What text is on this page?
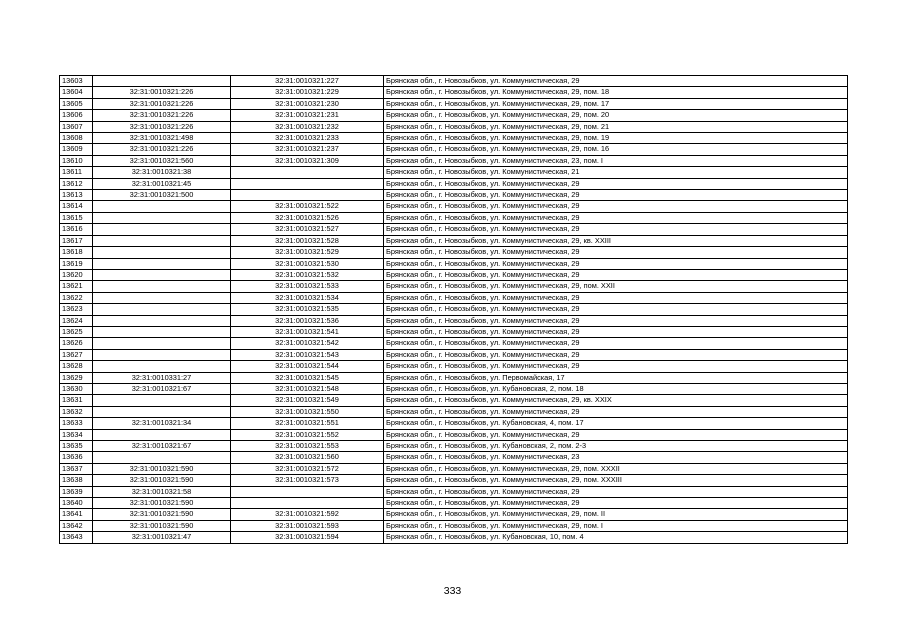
13603		32:31:0010321:227	Брянская обл., г. Новозыбков, ул. Коммунистическая, 29
13604	32:31:0010321:226	32:31:0010321:229	Брянская обл., г. Новозыбков, ул. Коммунистическая, 29, пом. 18
13605	32:31:0010321:226	32:31:0010321:230	Брянская обл., г. Новозыбков, ул. Коммунистическая, 29, пом. 17
13606	32:31:0010321:226	32:31:0010321:231	Брянская обл., г. Новозыбков, ул. Коммунистическая, 29, пом. 20
13607	32:31:0010321:226	32:31:0010321:232	Брянская обл., г. Новозыбков, ул. Коммунистическая, 29, пом. 21
13608	32:31:0010321:498	32:31:0010321:233	Брянская обл., г. Новозыбков, ул. Коммунистическая, 29, пом. 19
13609	32:31:0010321:226	32:31:0010321:237	Брянская обл., г. Новозыбков, ул. Коммунистическая, 29, пом. 16
13610	32:31:0010321:560	32:31:0010321:309	Брянская обл., г. Новозыбков, ул. Коммунистическая, 23, пом. I
13611	32:31:0010321:38		Брянская обл., г. Новозыбков, ул. Коммунистическая, 21
13612	32:31:0010321:45		Брянская обл., г. Новозыбков, ул. Коммунистическая, 29
13613	32:31:0010321:500		Брянская обл., г. Новозыбков, ул. Коммунистическая, 29
13614		32:31:0010321:522	Брянская обл., г. Новозыбков, ул. Коммунистическая, 29
13615		32:31:0010321:526	Брянская обл., г. Новозыбков, ул. Коммунистическая, 29
13616		32:31:0010321:527	Брянская обл., г. Новозыбков, ул. Коммунистическая, 29
13617		32:31:0010321:528	Брянская обл., г. Новозыбков, ул. Коммунистическая, 29, кв. XXIII
13618		32:31:0010321:529	Брянская обл., г. Новозыбков, ул. Коммунистическая, 29
13619		32:31:0010321:530	Брянская обл., г. Новозыбков, ул. Коммунистическая, 29
13620		32:31:0010321:532	Брянская обл., г. Новозыбков, ул. Коммунистическая, 29
13621		32:31:0010321:533	Брянская обл., г. Новозыбков, ул. Коммунистическая, 29, пом. XXII
13622		32:31:0010321:534	Брянская обл., г. Новозыбков, ул. Коммунистическая, 29
13623		32:31:0010321:535	Брянская обл., г. Новозыбков, ул. Коммунистическая, 29
13624		32:31:0010321:536	Брянская обл., г. Новозыбков, ул. Коммунистическая, 29
13625		32:31:0010321:541	Брянская обл., г. Новозыбков, ул. Коммунистическая, 29
13626		32:31:0010321:542	Брянская обл., г. Новозыбков, ул. Коммунистическая, 29
13627		32:31:0010321:543	Брянская обл., г. Новозыбков, ул. Коммунистическая, 29
13628		32:31:0010321:544	Брянская обл., г. Новозыбков, ул. Коммунистическая, 29
13629	32:31:0010331:27	32:31:0010321:545	Брянская обл., г. Новозыбков, ул. Первомайская, 17
13630	32:31:0010321:67	32:31:0010321:548	Брянская обл., г. Новозыбков, ул. Кубановская, 2, пом. 18
13631		32:31:0010321:549	Брянская обл., г. Новозыбков, ул. Коммунистическая, 29, кв. XXIX
13632		32:31:0010321:550	Брянская обл., г. Новозыбков, ул. Коммунистическая, 29
13633	32:31:0010321:34	32:31:0010321:551	Брянская обл., г. Новозыбков, ул. Кубановская, 4, пом. 17
13634		32:31:0010321:552	Брянская обл., г. Новозыбков, ул. Коммунистическая, 29
13635	32:31:0010321:67	32:31:0010321:553	Брянская обл., г. Новозыбков, ул. Кубановская, 2, пом. 2-3
13636		32:31:0010321:560	Брянская обл., г. Новозыбков, ул. Коммунистическая, 23
13637	32:31:0010321:590	32:31:0010321:572	Брянская обл., г. Новозыбков, ул. Коммунистическая, 29, пом. XXXII
13638	32:31:0010321:590	32:31:0010321:573	Брянская обл., г. Новозыбков, ул. Коммунистическая, 29, пом. XXXIII
13639	32:31:0010321:58		Брянская обл., г. Новозыбков, ул. Коммунистическая, 29
13640	32:31:0010321:590		Брянская обл., г. Новозыбков, ул. Коммунистическая, 29
13641	32:31:0010321:590	32:31:0010321:592	Брянская обл., г. Новозыбков, ул. Коммунистическая, 29, пом. II
13642	32:31:0010321:590	32:31:0010321:593	Брянская обл., г. Новозыбков, ул. Коммунистическая, 29, пом. I
13643	32:31:0010321:47	32:31:0010321:594	Брянская обл., г. Новозыбков, ул. Кубановская, 10, пом. 4
333
